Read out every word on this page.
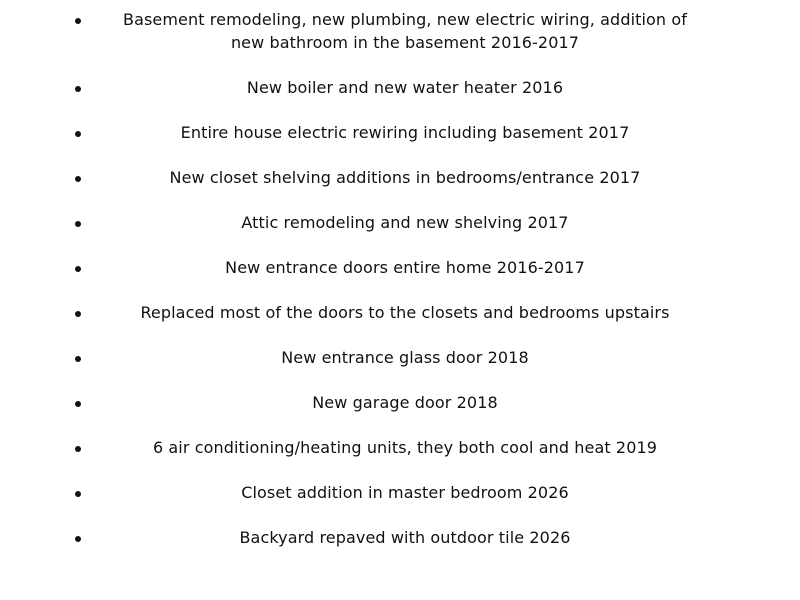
Basement remodeling, new plumbing, new electric wiring, addition of new bathroom in the basement 2016-2017
New boiler and new water heater 2016
Entire house electric rewiring including basement 2017
New closet shelving additions in bedrooms/entrance 2017
Attic remodeling and new shelving 2017
New entrance doors entire home 2016-2017
Replaced most of the doors to the closets and bedrooms upstairs
New entrance glass door 2018
New garage door 2018
6 air conditioning/heating units, they both cool and heat 2019
Closet addition in master bedroom 2026
Backyard repaved with outdoor tile 2026
